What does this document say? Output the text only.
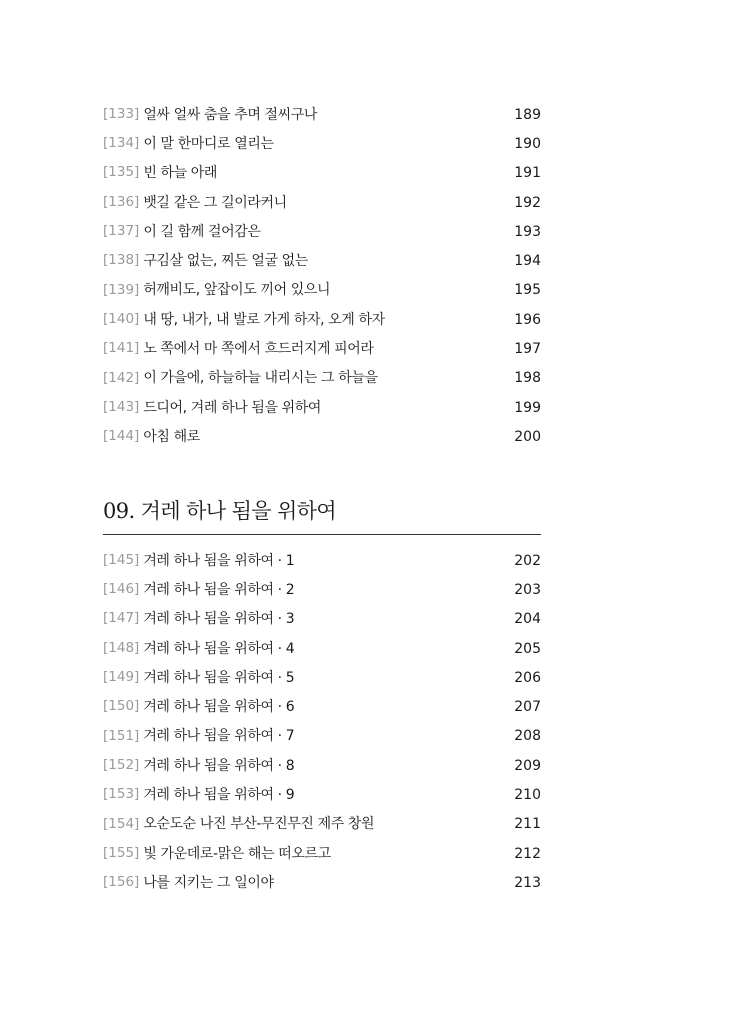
[133] 얼싸 얼싸 춤을 추며 절씨구나	189
[134] 이 말 한마디로 열리는	190
[135] 빈 하늘 아래	191
[136] 뱃길 같은 그 길이라커니	192
[137] 이 길 함께 걸어감은	193
[138] 구김살 없는, 찌든 얼굴 없는	194
[139] 허깨비도, 앞잡이도 끼어 있으니	195
[140] 내 땅, 내가, 내 발로 가게 하자, 오게 하자	196
[141] 노 쪽에서 마 쪽에서 흐드러지게 피어라	197
[142] 이 가을에, 하늘하늘 내리시는 그 하늘을	198
[143] 드디어, 겨레 하나 됨을 위하여	199
[144] 아침 해로	200
09. 겨레 하나 됨을 위하여
[145] 겨레 하나 됨을 위하여 · 1	202
[146] 겨레 하나 됨을 위하여 · 2	203
[147] 겨레 하나 됨을 위하여 · 3	204
[148] 겨레 하나 됨을 위하여 · 4	205
[149] 겨레 하나 됨을 위하여 · 5	206
[150] 겨레 하나 됨을 위하여 · 6	207
[151] 겨레 하나 됨을 위하여 · 7	208
[152] 겨레 하나 됨을 위하여 · 8	209
[153] 겨레 하나 됨을 위하여 · 9	210
[154] 오순도순 나진 부산-무진무진 제주 창원	211
[155] 빛 가운데로-맑은 해는 떠오르고	212
[156] 나를 지키는 그 일이야	213
